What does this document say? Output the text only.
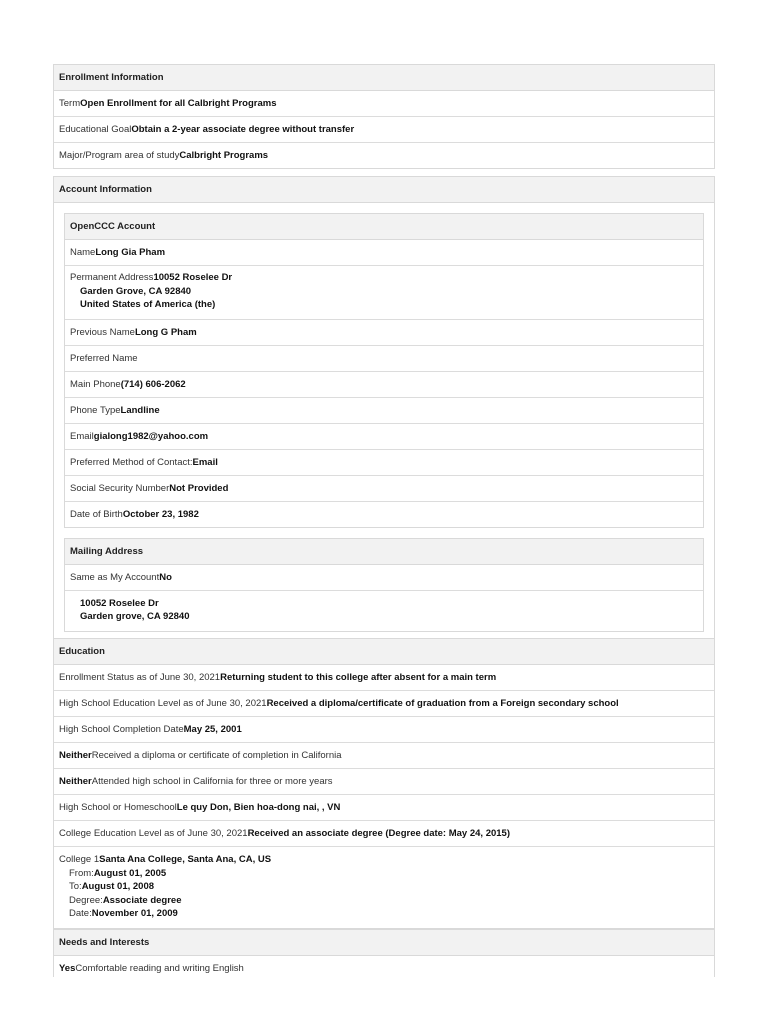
Enrollment Information
TermOpen Enrollment for all Calbright Programs
Educational GoalObtain a 2-year associate degree without transfer
Major/Program area of studyCalbright Programs
Account Information
OpenCCC Account
NameLong Gia Pham
Permanent Address10052 Roselee Dr
Garden Grove, CA 92840
United States of America (the)
Previous NameLong G Pham
Preferred Name
Main Phone(714) 606-2062
Phone TypeLandline
Emailgialong1982@yahoo.com
Preferred Method of Contact:Email
Social Security NumberNot Provided
Date of BirthOctober 23, 1982
Mailing Address
Same as My AccountNo
10052 Roselee Dr
Garden grove, CA 92840
Education
Enrollment Status as of June 30, 2021Returning student to this college after absent for a main term
High School Education Level as of June 30, 2021Received a diploma/certificate of graduation from a Foreign secondary school
High School Completion DateMay 25, 2001
NeitherReceived a diploma or certificate of completion in California
NeitherAttended high school in California for three or more years
High School or HomeschoolLe quy Don, Bien hoa-dong nai, , VN
College Education Level as of June 30, 2021Received an associate degree (Degree date: May 24, 2015)
College 1Santa Ana College, Santa Ana, CA, US
From:August 01, 2005
To:August 01, 2008
Degree:Associate degree
Date:November 01, 2009
Needs and Interests
YesComfortable reading and writing English
